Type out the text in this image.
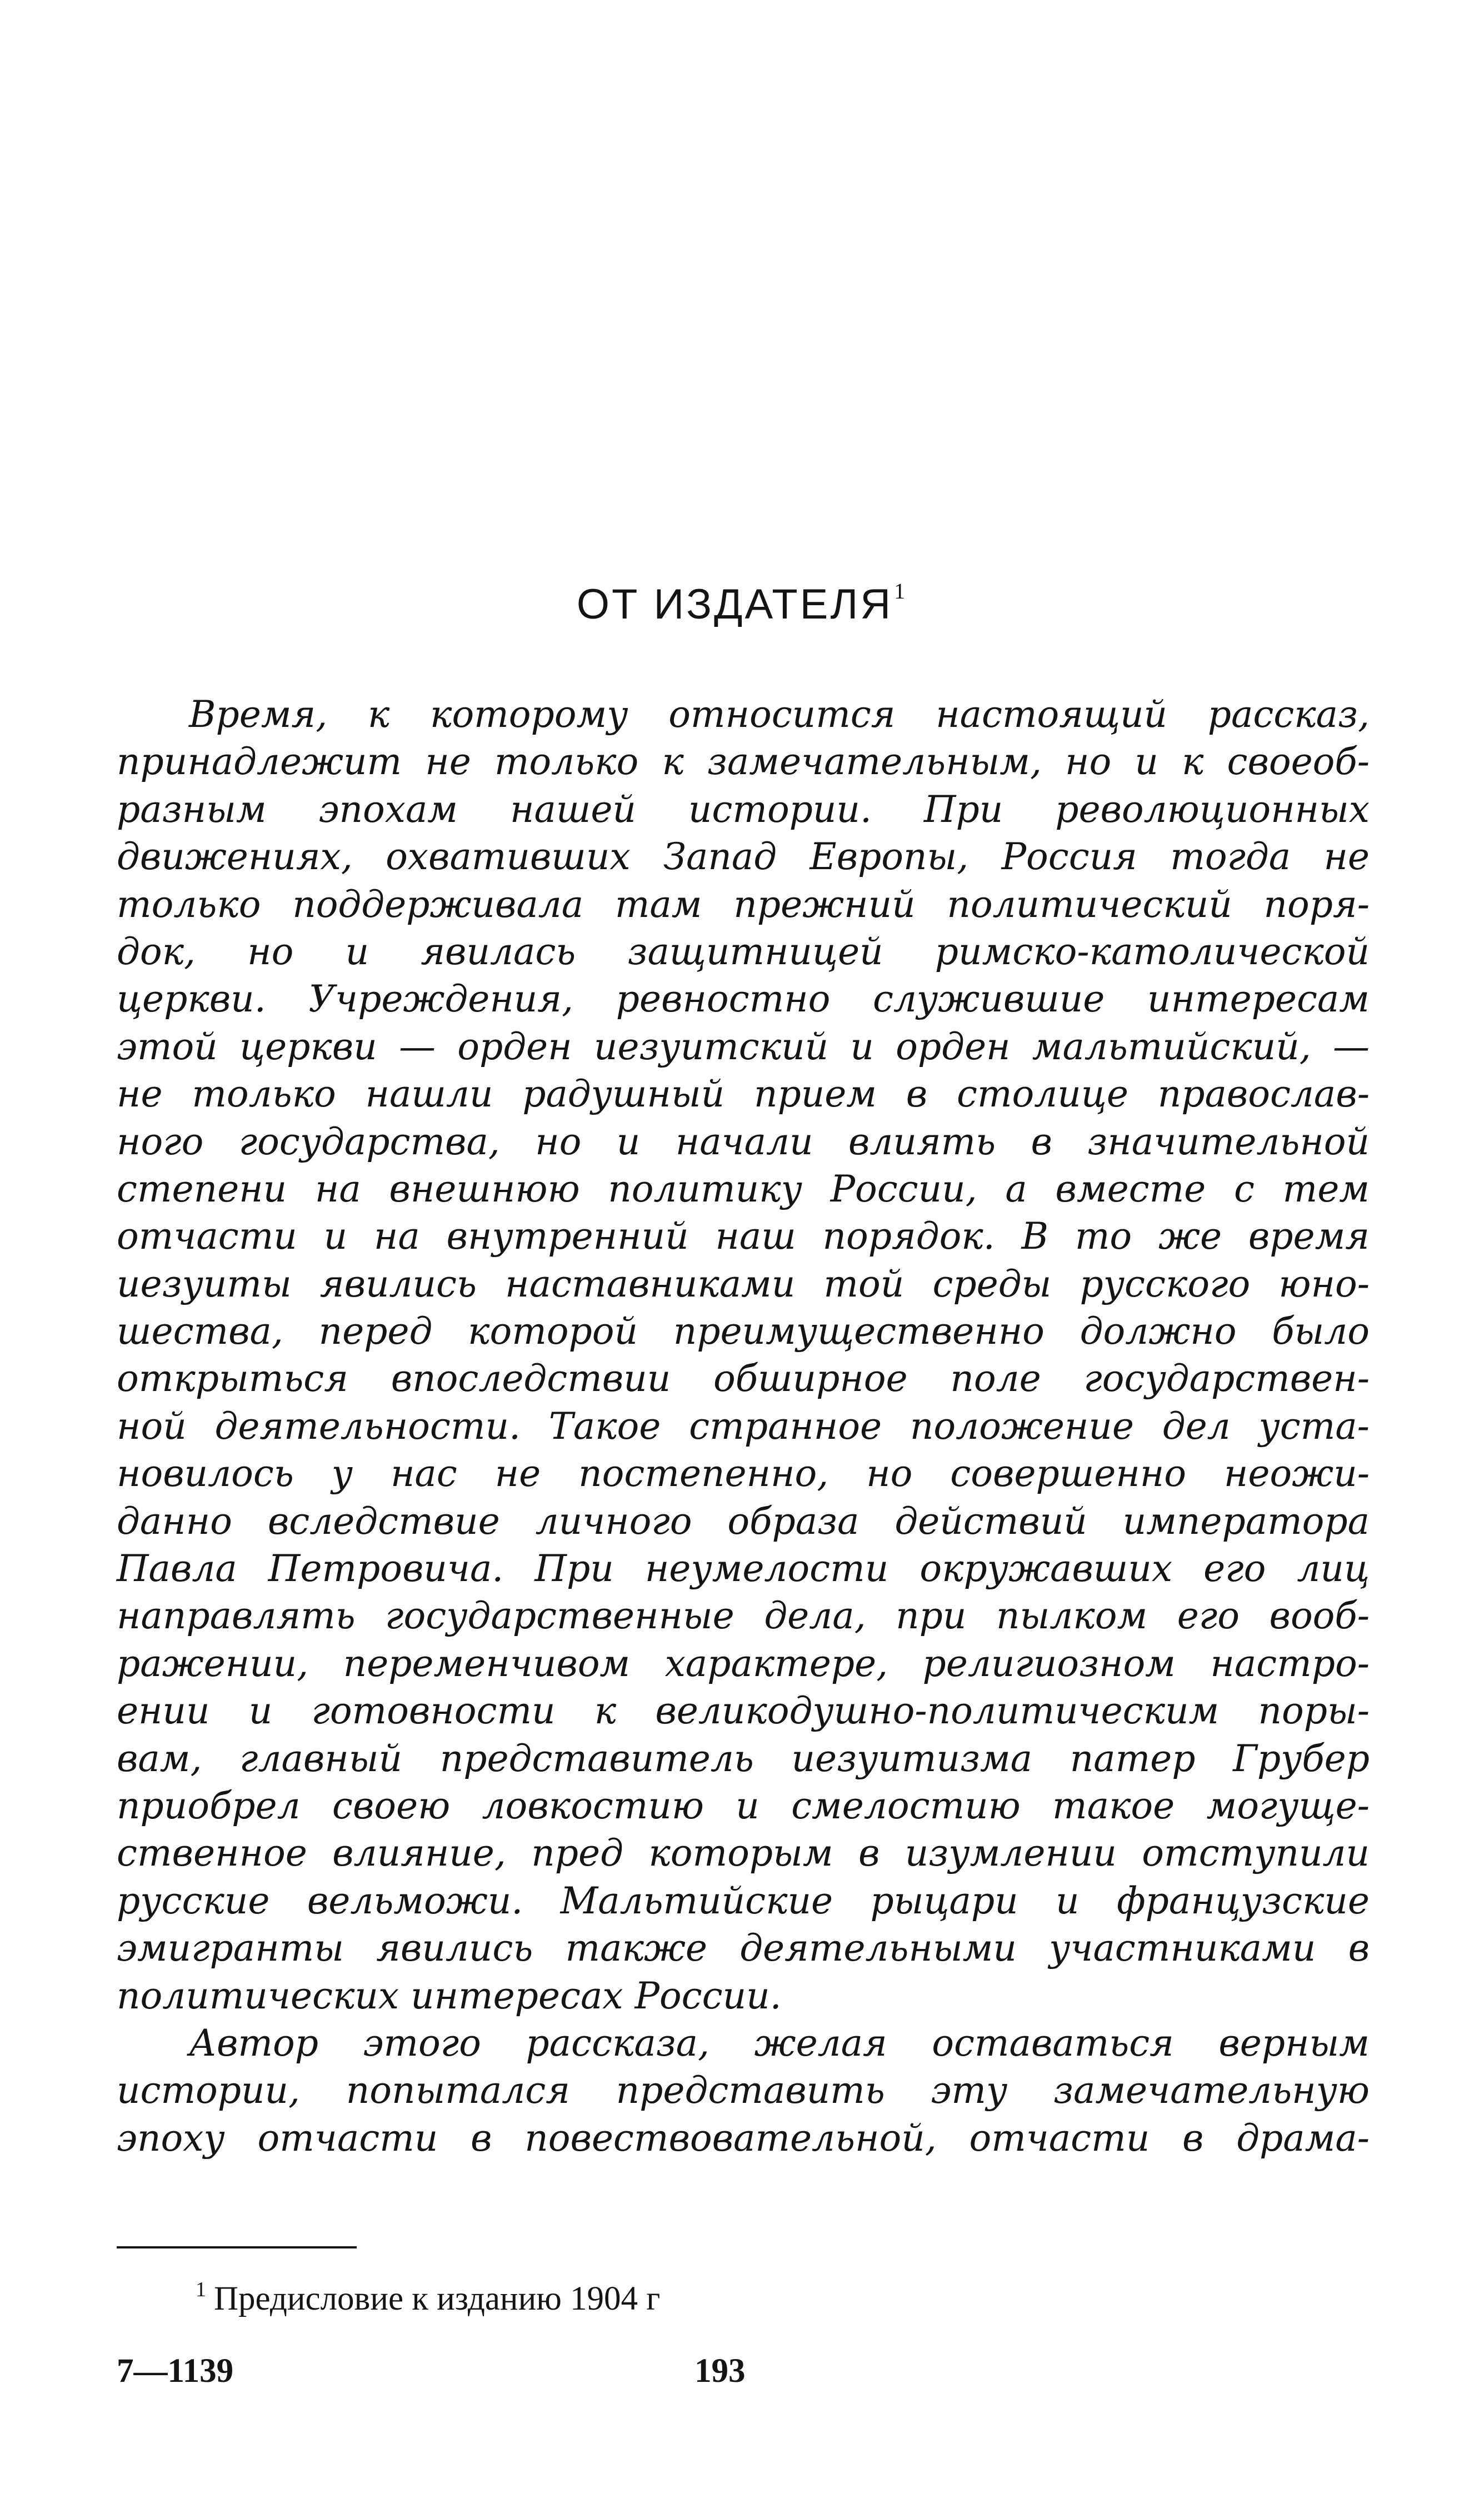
ОТ ИЗДАТЕЛЯ$^1$
Время, к которому относится настоящий рассказ,
принадлежит не только к замечательным, но и к своеоб-
разным эпохам нашей истории. При революционных
движениях, охвативших Запад Европы, Россия тогда не
только поддерживала там прежний политический поря-
док, но и явилась защитницей римско-католической
церкви. Учреждения, ревностно служившие интересам
этой церкви — орден иезуитский и орден мальтийский, —
не только нашли радушный прием в столице православ-
ного государства, но и начали влиять в значительной
степени на внешнюю политику России, а вместе с тем
отчасти и на внутренний наш порядок. В то же время
иезуиты явились наставниками той среды русского юно-
шества, перед которой преимущественно должно было
открыться впоследствии обширное поле государствен-
ной деятельности. Такое странное положение дел уста-
новилось у нас не постепенно, но совершенно неожи-
данно вследствие личного образа действий императора
Павла Петровича. При неумелости окружавших его лиц
направлять государственные дела, при пылком его вооб-
ражении, переменчивом характере, религиозном настро-
ении и готовности к великодушно-политическим поры-
вам, главный представитель иезуитизма патер Грубер
приобрел своею ловкостию и смелостию такое могуще-
ственное влияние, пред которым в изумлении отступили
русские вельможи. Мальтийские рыцари и французские
эмигранты явились также деятельными участниками в
политических интересах России.
Автор этого рассказа, желая оставаться верным
истории, попытался представить эту замечательную
эпоху отчасти в повествовательной, отчасти в драма-
$^1$ Предисловие к изданию 1904 г
7—1139	193
